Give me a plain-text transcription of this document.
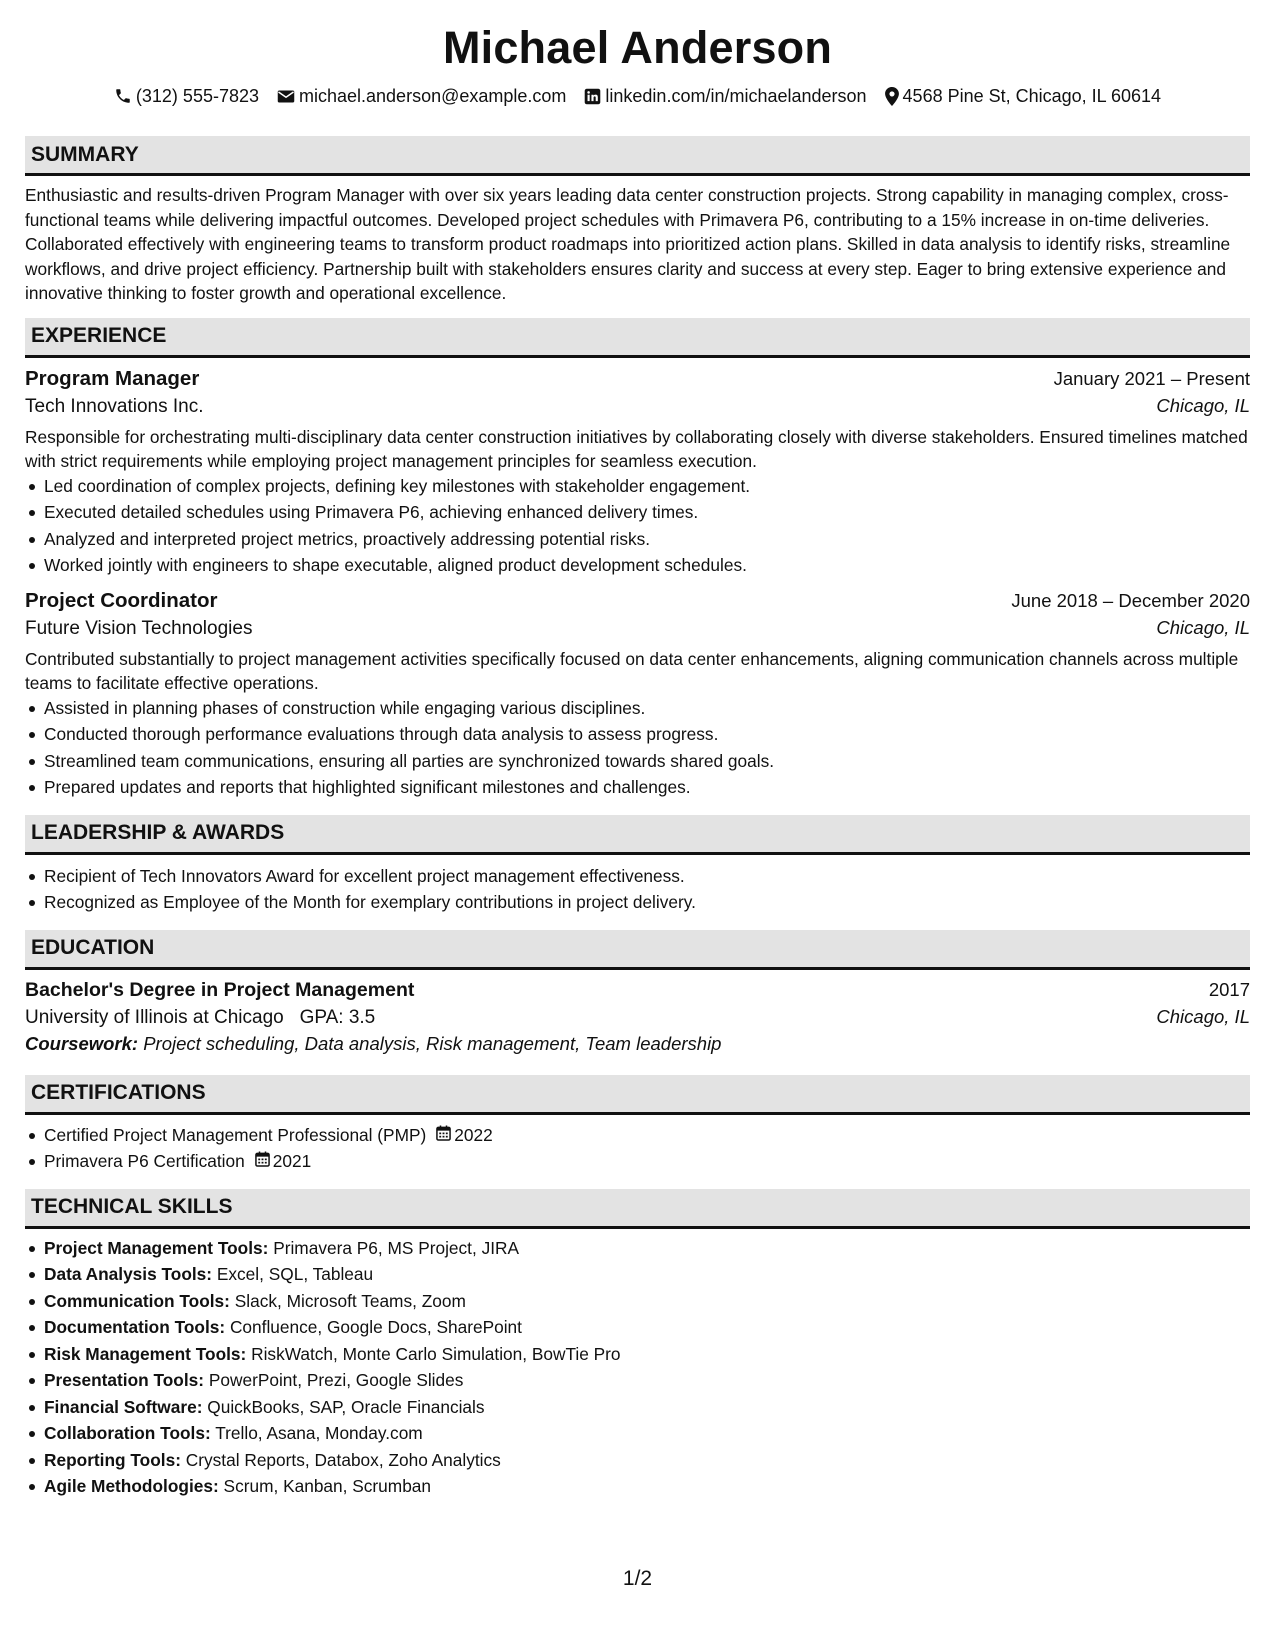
Michael Anderson
(312) 555-7823 michael.anderson@example.com linkedin.com/in/michaelanderson 4568 Pine St, Chicago, IL 60614
SUMMARY
Enthusiastic and results-driven Program Manager with over six years leading data center construction projects. Strong capability in managing complex, cross-functional teams while delivering impactful outcomes. Developed project schedules with Primavera P6, contributing to a 15% increase in on-time deliveries. Collaborated effectively with engineering teams to transform product roadmaps into prioritized action plans. Skilled in data analysis to identify risks, streamline workflows, and drive project efficiency. Partnership built with stakeholders ensures clarity and success at every step. Eager to bring extensive experience and innovative thinking to foster growth and operational excellence.
EXPERIENCE
Program Manager	January 2021 – Present
Tech Innovations Inc.	Chicago, IL
Responsible for orchestrating multi-disciplinary data center construction initiatives by collaborating closely with diverse stakeholders. Ensured timelines matched with strict requirements while employing project management principles for seamless execution.
Led coordination of complex projects, defining key milestones with stakeholder engagement.
Executed detailed schedules using Primavera P6, achieving enhanced delivery times.
Analyzed and interpreted project metrics, proactively addressing potential risks.
Worked jointly with engineers to shape executable, aligned product development schedules.
Project Coordinator	June 2018 – December 2020
Future Vision Technologies	Chicago, IL
Contributed substantially to project management activities specifically focused on data center enhancements, aligning communication channels across multiple teams to facilitate effective operations.
Assisted in planning phases of construction while engaging various disciplines.
Conducted thorough performance evaluations through data analysis to assess progress.
Streamlined team communications, ensuring all parties are synchronized towards shared goals.
Prepared updates and reports that highlighted significant milestones and challenges.
LEADERSHIP & AWARDS
Recipient of Tech Innovators Award for excellent project management effectiveness.
Recognized as Employee of the Month for exemplary contributions in project delivery.
EDUCATION
Bachelor's Degree in Project Management	2017
University of Illinois at Chicago GPA: 3.5	Chicago, IL
Coursework: Project scheduling, Data analysis, Risk management, Team leadership
CERTIFICATIONS
Certified Project Management Professional (PMP) 2022
Primavera P6 Certification 2021
TECHNICAL SKILLS
Project Management Tools: Primavera P6, MS Project, JIRA
Data Analysis Tools: Excel, SQL, Tableau
Communication Tools: Slack, Microsoft Teams, Zoom
Documentation Tools: Confluence, Google Docs, SharePoint
Risk Management Tools: RiskWatch, Monte Carlo Simulation, BowTie Pro
Presentation Tools: PowerPoint, Prezi, Google Slides
Financial Software: QuickBooks, SAP, Oracle Financials
Collaboration Tools: Trello, Asana, Monday.com
Reporting Tools: Crystal Reports, Databox, Zoho Analytics
Agile Methodologies: Scrum, Kanban, Scrumban
1/2
